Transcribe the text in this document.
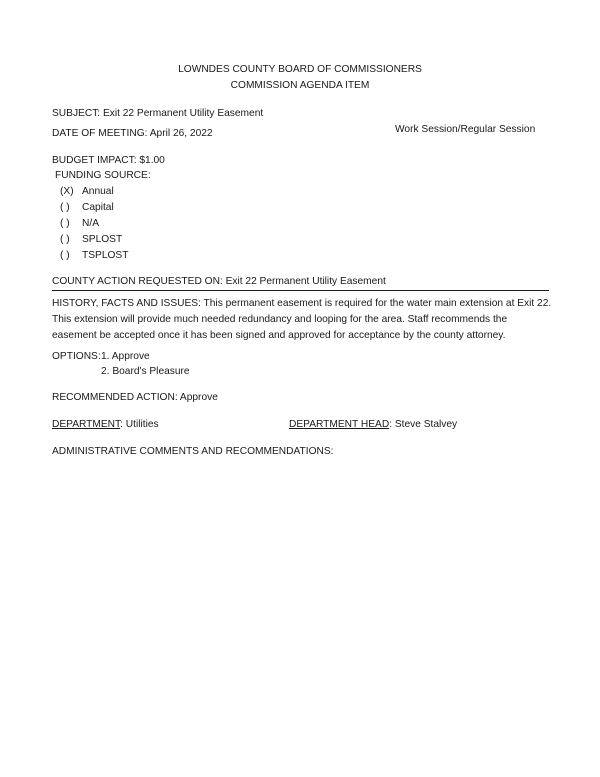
LOWNDES COUNTY BOARD OF COMMISSIONERS
COMMISSION AGENDA ITEM
SUBJECT: Exit 22 Permanent Utility Easement
DATE OF MEETING: April 26, 2022	Work Session/Regular Session
BUDGET IMPACT: $1.00
FUNDING SOURCE:
(X) Annual
( ) Capital
( ) N/A
( ) SPLOST
( ) TSPLOST
COUNTY ACTION REQUESTED ON: Exit 22 Permanent Utility Easement
HISTORY, FACTS AND ISSUES: This permanent easement is required for the water main extension at Exit 22.
This extension will provide much needed redundancy and looping for the area. Staff recommends the
easement be accepted once it has been signed and approved for acceptance by the county attorney.
OPTIONS: 1. Approve
2. Board's Pleasure
RECOMMENDED ACTION: Approve
DEPARTMENT: Utilities	DEPARTMENT HEAD: Steve Stalvey
ADMINISTRATIVE COMMENTS AND RECOMMENDATIONS:
